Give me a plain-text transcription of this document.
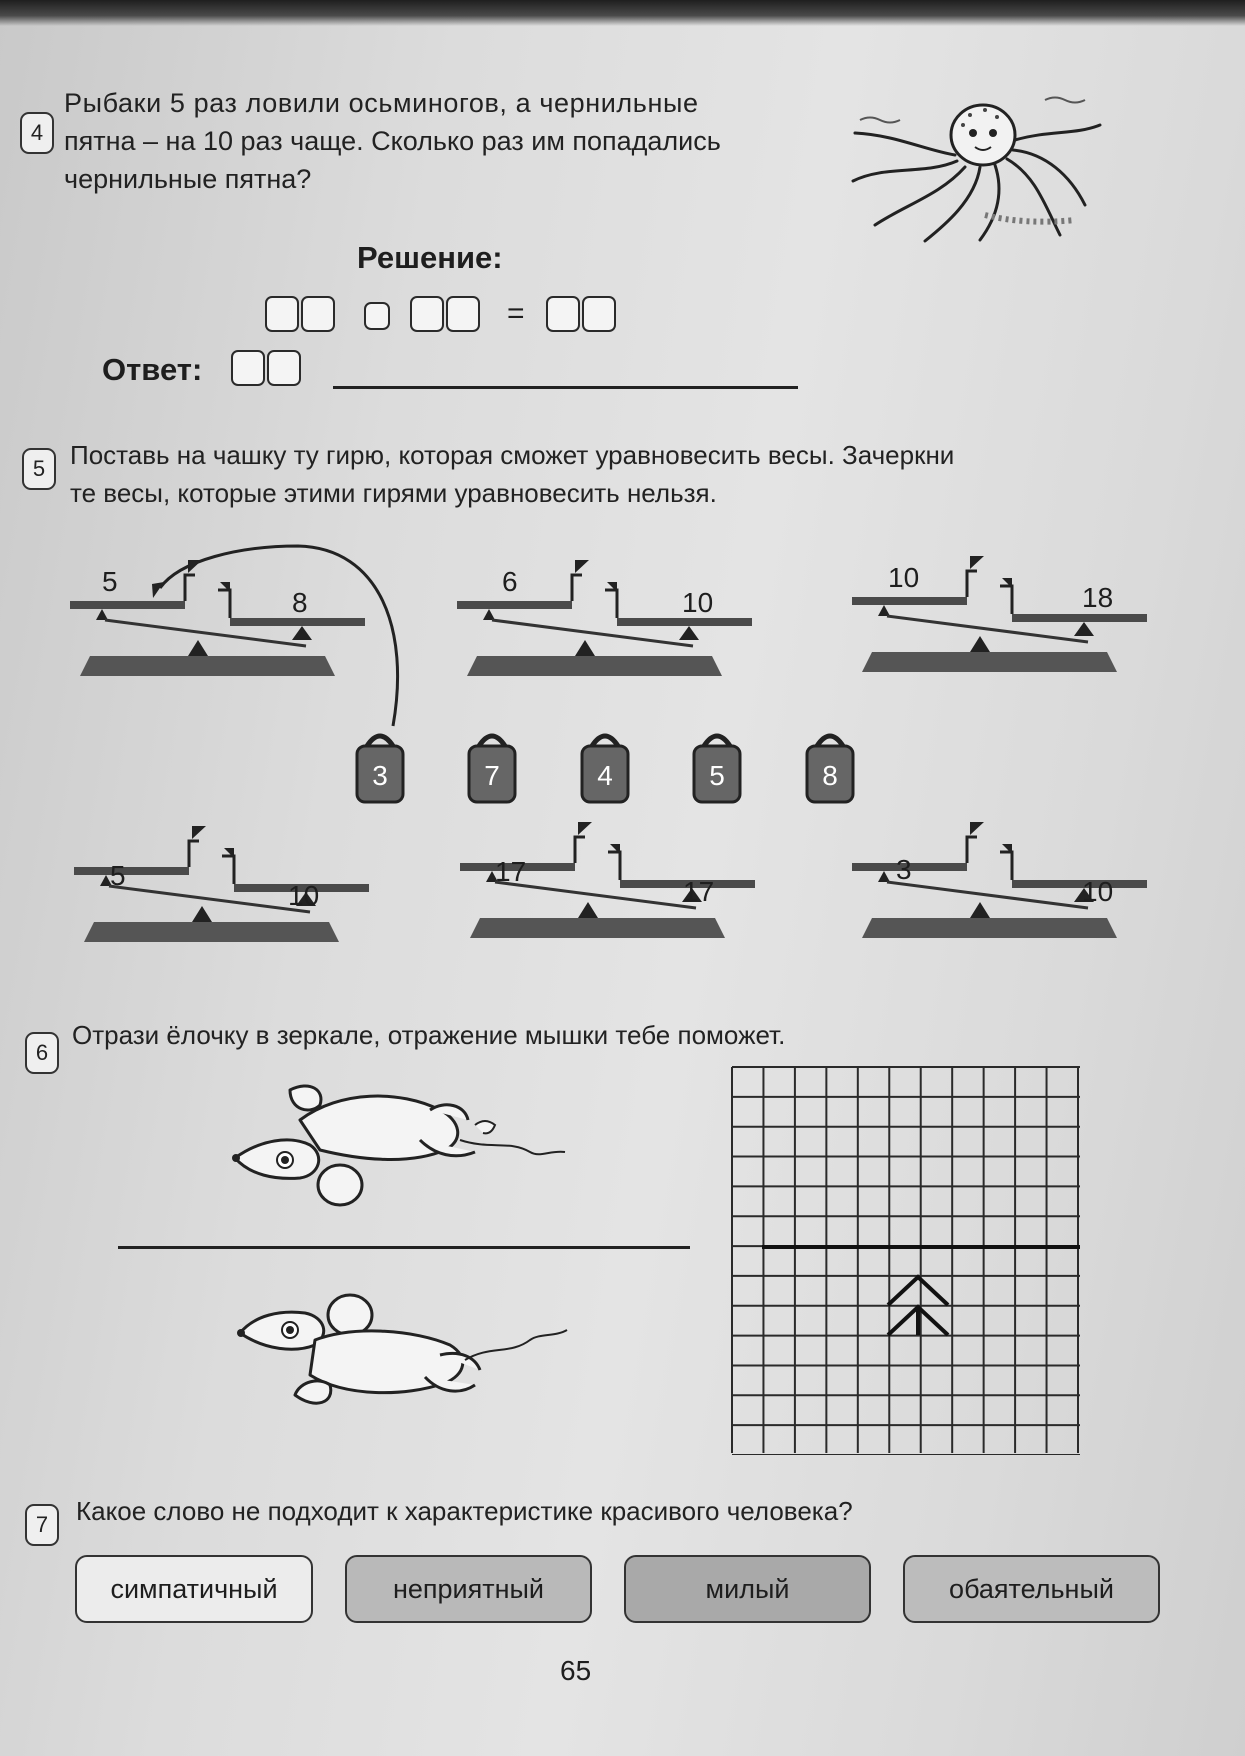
4
Рыбаки 5 раз ловили осьминогов, а чернильные
пятна – на 10 раз чаще. Сколько раз им попадались
чернильные пятна?
Решение:
=
Ответ:
5 Поставь на чашку ту гирю, которая сможет уравновесить весы. Зачеркни
те весы, которые этими гирями уравновесить нельзя.
5
8
6
10
10
18
3	7	4	5	8
5
10
17
17
3
10
6
Отрази ёлочку в зеркале, отражение мышки тебе поможет.
7	Какое слово не подходит к характеристике красивого человека?
симпатичный	неприятный	милый	обаятельный
65
